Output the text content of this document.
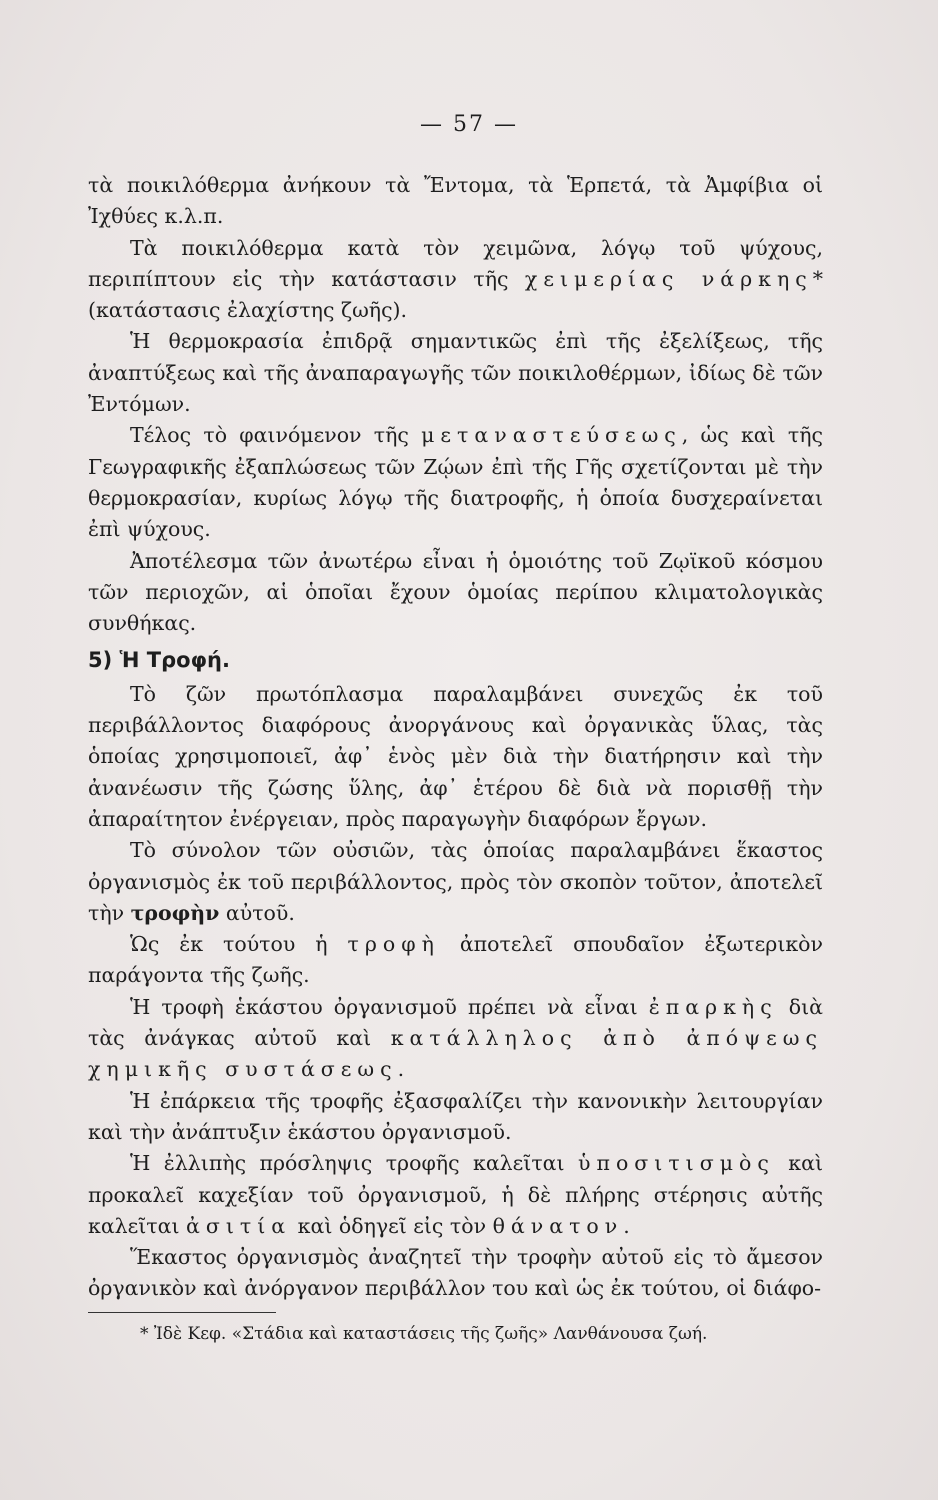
— 57 —

τὰ ποικιλόθερμα ἀνήκουν τὰ Ἔντομα, τὰ Ἑρπετά, τὰ Ἀμφίβια οἱ Ἰχθύες κ.λ.π.

Τὰ ποικιλόθερμα κατὰ τὸν χειμῶνα, λόγῳ τοῦ ψύχους, περιπίπτουν εἰς τὴν κατάστασιν τῆς χειμερίας νάρκης* (κατάστασις ἐλαχίστης ζωῆς).

Ἡ θερμοκρασία ἐπιδρᾷ σημαντικῶς ἐπὶ τῆς ἐξελίξεως, τῆς ἀναπτύξεως καὶ τῆς ἀναπαραγωγῆς τῶν ποικιλοθέρμων, ἰδίως δὲ τῶν Ἐντόμων.

Τέλος τὸ φαινόμενον τῆς μεταναστεύσεως, ὡς καὶ τῆς Γεωγραφικῆς ἐξαπλώσεως τῶν Ζῴων ἐπὶ τῆς Γῆς σχετίζονται μὲ τὴν θερμοκρασίαν, κυρίως λόγῳ τῆς διατροφῆς, ἡ ὁποία δυσχεραίνεται ἐπὶ ψύχους.

Ἀποτέλεσμα τῶν ἀνωτέρω εἶναι ἡ ὁμοιότης τοῦ Ζῳϊκοῦ κόσμου τῶν περιοχῶν, αἱ ὁποῖαι ἔχουν ὁμοίας περίπου κλιματολογικὰς συνθήκας.

5) Ἡ Τροφή.

Τὸ ζῶν πρωτόπλασμα παραλαμβάνει συνεχῶς ἐκ τοῦ περιβάλλοντος διαφόρους ἀνοργάνους καὶ ὀργανικὰς ὕλας, τὰς ὁποίας χρησιμοποιεῖ, ἀφ᾽ ἑνὸς μὲν διὰ τὴν διατήρησιν καὶ τὴν ἀνανέωσιν τῆς ζώσης ὕλης, ἀφ᾽ ἑτέρου δὲ διὰ νὰ πορισθῇ τὴν ἀπαραίτητον ἐνέργειαν, πρὸς παραγωγὴν διαφόρων ἔργων.

Τὸ σύνολον τῶν οὐσιῶν, τὰς ὁποίας παραλαμβάνει ἕκαστος ὀργανισμὸς ἐκ τοῦ περιβάλλοντος, πρὸς τὸν σκοπὸν τοῦτον, ἀποτελεῖ τὴν τροφὴν αὐτοῦ.

Ὡς ἐκ τούτου ἡ τροφὴ ἀποτελεῖ σπουδαῖον ἐξωτερικὸν παράγοντα τῆς ζωῆς.

Ἡ τροφὴ ἑκάστου ὀργανισμοῦ πρέπει νὰ εἶναι ἐπαρκὴς διὰ τὰς ἀνάγκας αὐτοῦ καὶ κατάλληλος ἀπὸ ἀπόψεως χημικῆς συστάσεως.

Ἡ ἐπάρκεια τῆς τροφῆς ἐξασφαλίζει τὴν κανονικὴν λειτουργίαν καὶ τὴν ἀνάπτυξιν ἑκάστου ὀργανισμοῦ.

Ἡ ἐλλιπὴς πρόσληψις τροφῆς καλεῖται ὑποσιτισμὸς καὶ προκαλεῖ καχεξίαν τοῦ ὀργανισμοῦ, ἡ δὲ πλήρης στέρησις αὐτῆς καλεῖται ἀσιτία καὶ ὁδηγεῖ εἰς τὸν θάνατον.

Ἕκαστος ὀργανισμὸς ἀναζητεῖ τὴν τροφὴν αὐτοῦ εἰς τὸ ἄμεσον ὀργανικὸν καὶ ἀνόργανον περιβάλλον του καὶ ὡς ἐκ τούτου, οἱ διάφο-

* Ἰδὲ Κεφ. «Στάδια καὶ καταστάσεις τῆς ζωῆς» Λανθάνουσα ζωή.
